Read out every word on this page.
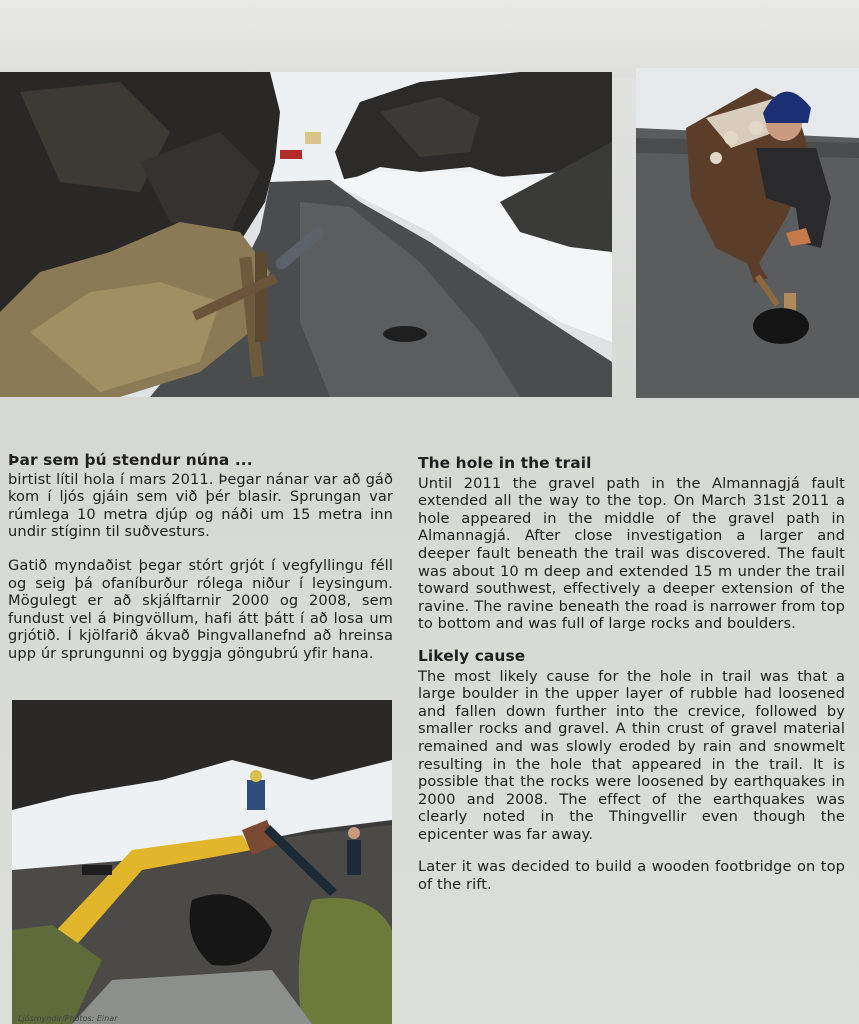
Þar sem þú stendur núna ...
birtist lítil hola í mars 2011. Þegar nánar var að gáð kom í ljós gjáin sem við þér blasir. Sprungan var rúmlega 10 metra djúp og náði um 15 metra inn undir stíginn til suðvesturs.
Gatið myndaðist þegar stórt grjót í vegfyllingu féll og seig þá ofaníburður rólega niður í leysingum. Mögulegt er að skjálftarnir 2000 og 2008, sem fundust vel á Þingvöllum, hafi átt þátt í að losa um grjótið. Í kjölfarið ákvað Þingvallanefnd að hreinsa upp úr sprungunni og byggja göngubrú yfir hana.
The hole in the trail
Until 2011 the gravel path in the Almannagjá fault extended all the way to the top. On March 31st 2011 a hole appeared in the middle of the gravel path in Almannagjá. After close investigation a larger and deeper fault beneath the trail was discovered. The fault was about 10 m deep and extended 15 m under the trail toward southwest, effectively a deeper extension of the ravine. The ravine beneath the road is narrower from top to bottom and was full of large rocks and boulders.
Likely cause
The most likely cause for the hole in trail was that a large boulder in the upper layer of rubble had loosened and fallen down further into the crevice, followed by smaller rocks and gravel. A thin crust of gravel material remained and was slowly eroded by rain and snowmelt resulting in the hole that appeared in the trail. It is possible that the rocks were loosened by earthquakes in 2000 and 2008. The effect of the earthquakes was clearly noted in the Thingvellir even though the epicenter was far away.
Later it was decided to build a wooden footbridge on top of the rift.
Ljósmyndir/Photos: Einar
